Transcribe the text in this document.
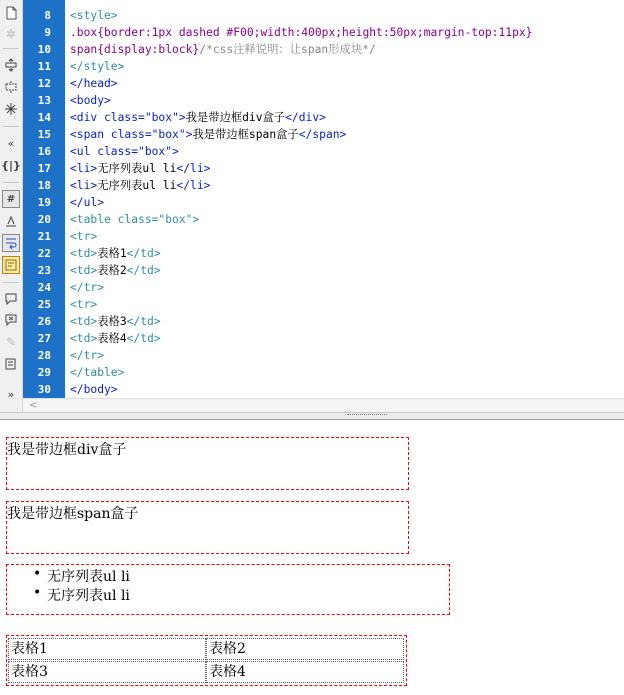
✲
«
{|}
#
✎
»
8
9
10
11
12
13
14
15
16
17
18
19
20
21
22
23
24
25
26
27
28
29
30
<style>
.box{border:1px dashed #F00;width:400px;height:50px;margin-top:11px}
span{display:block}/*css注释说明：让span形成块*/
</style>
</head>
<body>
<div class="box">我是带边框div盒子</div>
<span class="box">我是带边框span盒子</span>
<ul class="box">
<li>无序列表ul li</li>
<li>无序列表ul li</li>
</ul>
<table class="box">
<tr>
<td>表格1</td>
<td>表格2</td>
</tr>
<tr>
<td>表格3</td>
<td>表格4</td>
</tr>
</table>
</body>
<
我是带边框div盒子
我是带边框span盒子
• 无序列表ul li
• 无序列表ul li
表格1	表格2
表格3	表格4
